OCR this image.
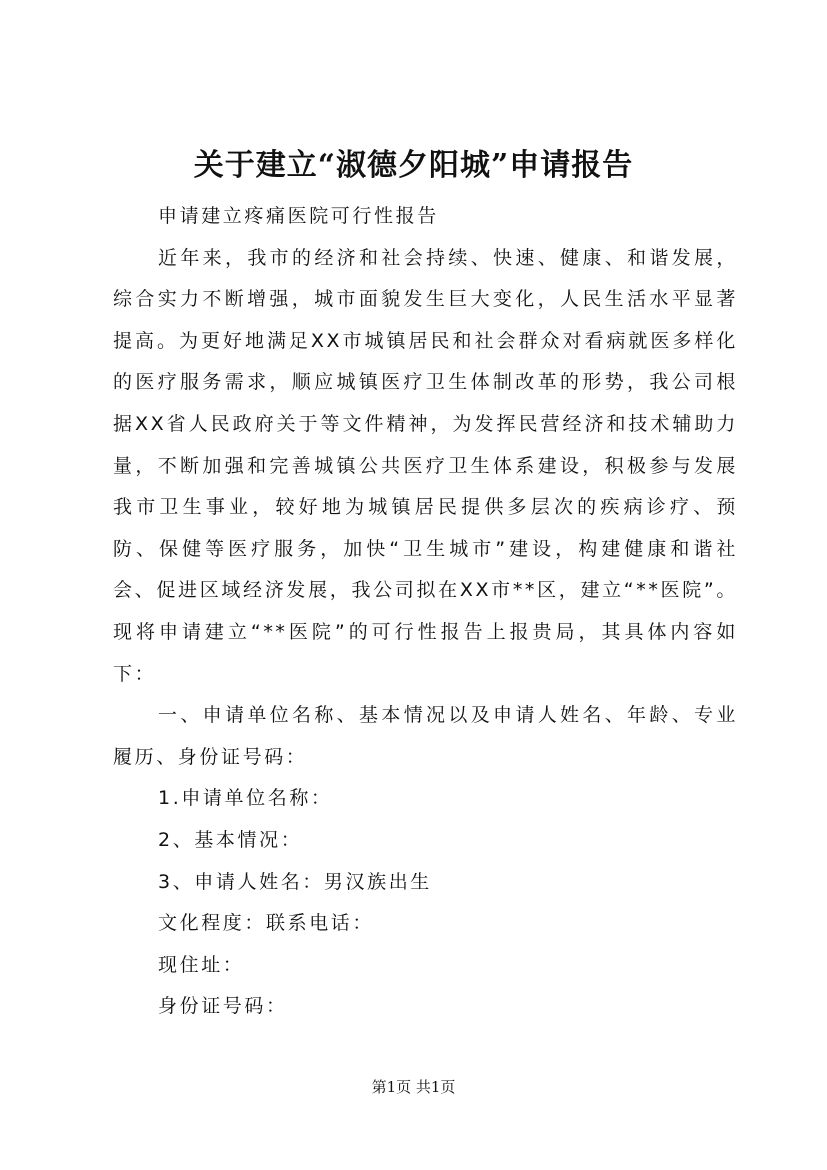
关于建立“淑德夕阳城”申请报告

申请建立疼痛医院可行性报告

近年来，我市的经济和社会持续、快速、健康、和谐发展，综合实力不断增强，城市面貌发生巨大变化，人民生活水平显著提高。为更好地满足XX市城镇居民和社会群众对看病就医多样化的医疗服务需求，顺应城镇医疗卫生体制改革的形势，我公司根据XX省人民政府关于等文件精神，为发挥民营经济和技术辅助力量，不断加强和完善城镇公共医疗卫生体系建设，积极参与发展我市卫生事业，较好地为城镇居民提供多层次的疾病诊疗、预防、保健等医疗服务，加快“卫生城市”建设，构建健康和谐社会、促进区域经济发展，我公司拟在XX市**区，建立“**医院”。现将申请建立“**医院”的可行性报告上报贵局，其具体内容如下：

一、申请单位名称、基本情况以及申请人姓名、年龄、专业履历、身份证号码：

1.申请单位名称：

2、基本情况：

3、申请人姓名：男汉族出生

文化程度：联系电话：

现住址：

身份证号码：

第1页 共1页
